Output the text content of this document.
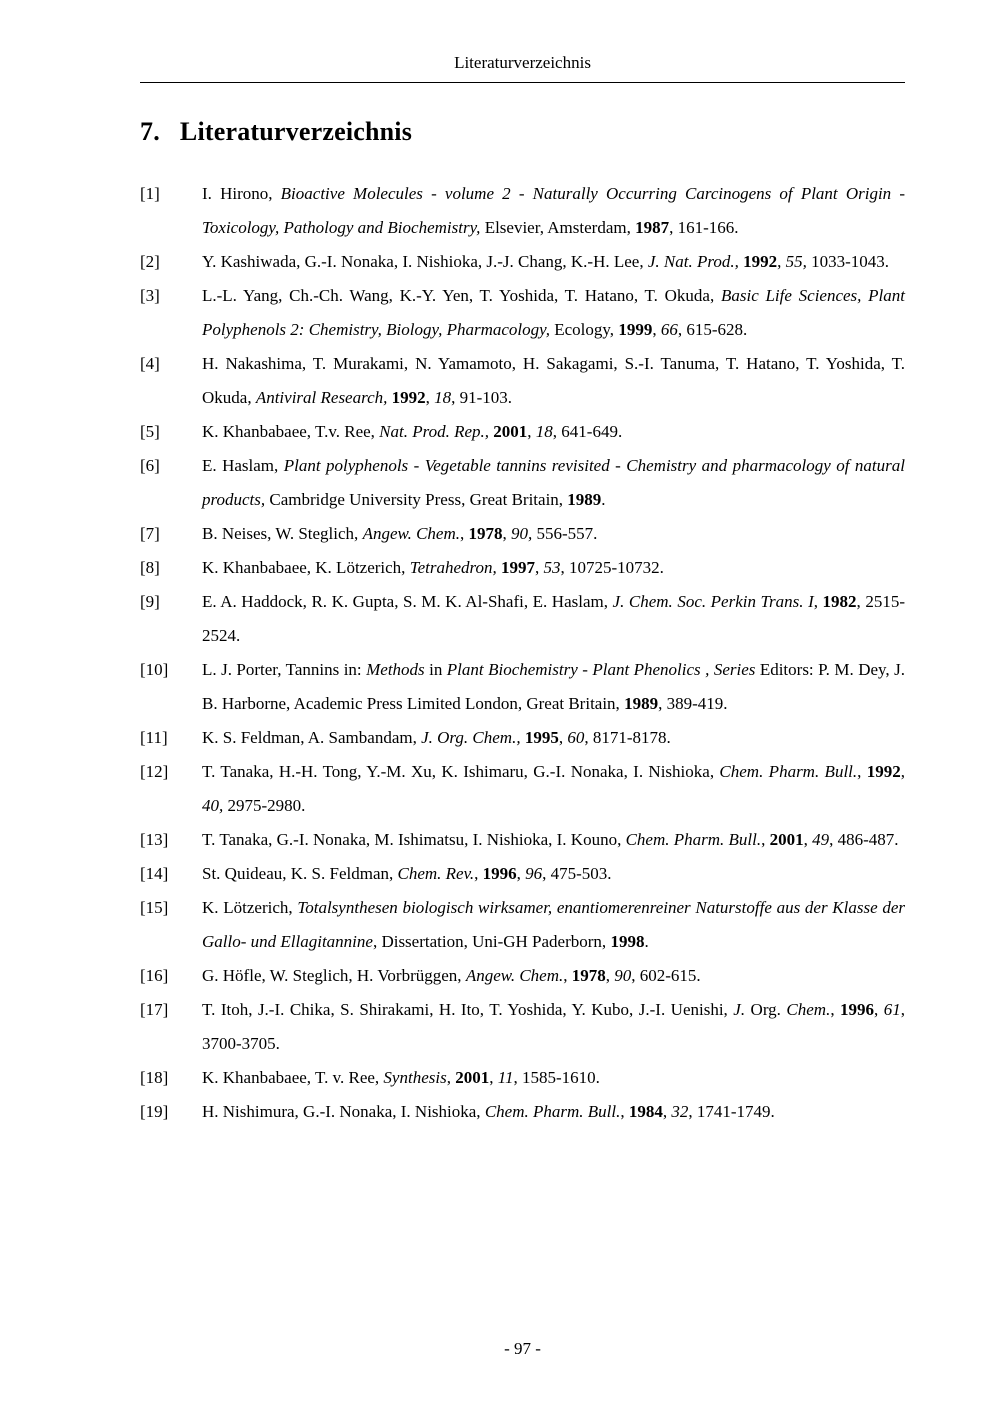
Literaturverzeichnis
7. Literaturverzeichnis
[1]	I. Hirono, Bioactive Molecules - volume 2 - Naturally Occurring Carcinogens of Plant Origin - Toxicology, Pathology and Biochemistry, Elsevier, Amsterdam, 1987, 161-166.
[2]	Y. Kashiwada, G.-I. Nonaka, I. Nishioka, J.-J. Chang, K.-H. Lee, J. Nat. Prod., 1992, 55, 1033-1043.
[3]	L.-L. Yang, Ch.-Ch. Wang, K.-Y. Yen, T. Yoshida, T. Hatano, T. Okuda, Basic Life Sciences, Plant Polyphenols 2: Chemistry, Biology, Pharmacology, Ecology, 1999, 66, 615-628.
[4]	H. Nakashima, T. Murakami, N. Yamamoto, H. Sakagami, S.-I. Tanuma, T. Hatano, T. Yoshida, T. Okuda, Antiviral Research, 1992, 18, 91-103.
[5]	K. Khanbabaee, T.v. Ree, Nat. Prod. Rep., 2001, 18, 641-649.
[6]	E. Haslam, Plant polyphenols - Vegetable tannins revisited - Chemistry and pharmacology of natural products, Cambridge University Press, Great Britain, 1989.
[7]	B. Neises, W. Steglich, Angew. Chem., 1978, 90, 556-557.
[8]	K. Khanbabaee, K. Lötzerich, Tetrahedron, 1997, 53, 10725-10732.
[9]	E. A. Haddock, R. K. Gupta, S. M. K. Al-Shafi, E. Haslam, J. Chem. Soc. Perkin Trans. I, 1982, 2515-2524.
[10]	L. J. Porter, Tannins in: Methods in Plant Biochemistry - Plant Phenolics , Series Editors: P. M. Dey, J. B. Harborne, Academic Press Limited London, Great Britain, 1989, 389-419.
[11]	K. S. Feldman, A. Sambandam, J. Org. Chem., 1995, 60, 8171-8178.
[12]	T. Tanaka, H.-H. Tong, Y.-M. Xu, K. Ishimaru, G.-I. Nonaka, I. Nishioka, Chem. Pharm. Bull., 1992, 40, 2975-2980.
[13]	T. Tanaka, G.-I. Nonaka, M. Ishimatsu, I. Nishioka, I. Kouno, Chem. Pharm. Bull., 2001, 49, 486-487.
[14]	St. Quideau, K. S. Feldman, Chem. Rev., 1996, 96, 475-503.
[15]	K. Lötzerich, Totalsynthesen biologisch wirksamer, enantiomerenreiner Naturstoffe aus der Klasse der Gallo- und Ellagitannine, Dissertation, Uni-GH Paderborn, 1998.
[16]	G. Höfle, W. Steglich, H. Vorbrüggen, Angew. Chem., 1978, 90, 602-615.
[17]	T. Itoh, J.-I. Chika, S. Shirakami, H. Ito, T. Yoshida, Y. Kubo, J.-I. Uenishi, J. Org. Chem., 1996, 61, 3700-3705.
[18]	K. Khanbabaee, T. v. Ree, Synthesis, 2001, 11, 1585-1610.
[19]	H. Nishimura, G.-I. Nonaka, I. Nishioka, Chem. Pharm. Bull., 1984, 32, 1741-1749.
- 97 -
